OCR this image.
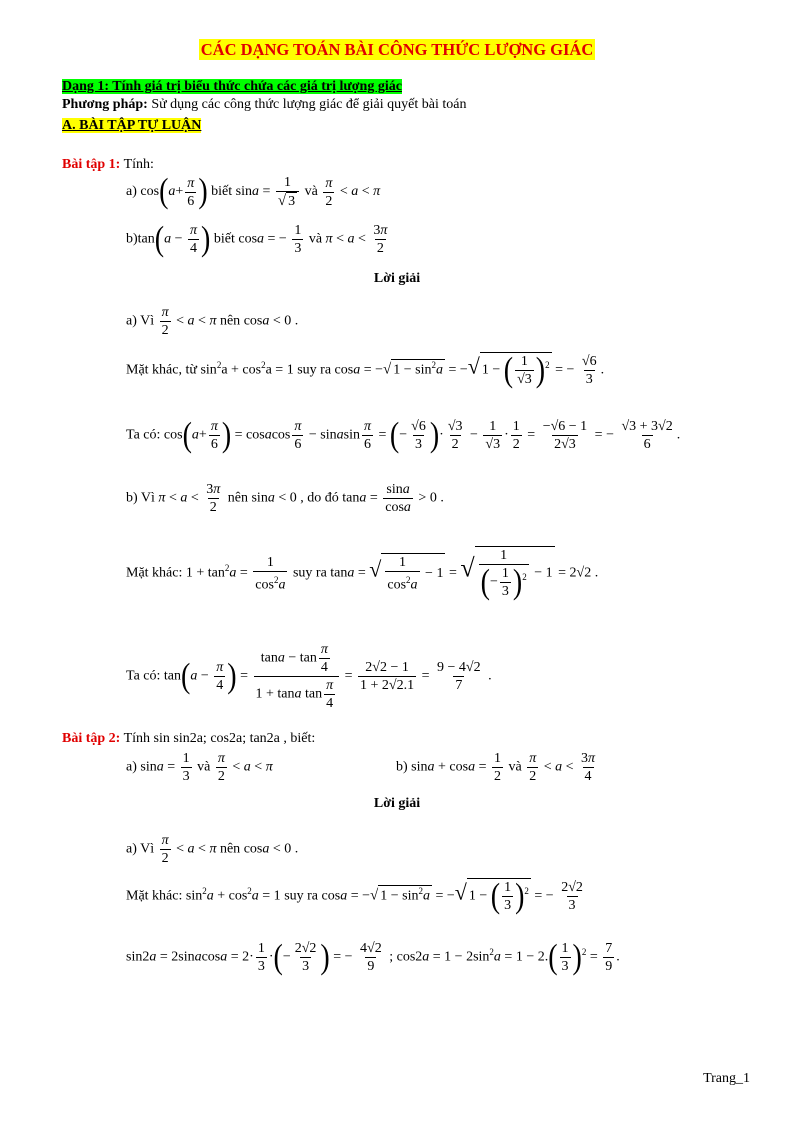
CÁC DẠNG TOÁN BÀI CÔNG THỨC LƯỢNG GIÁC
Dạng 1: Tính giá trị biểu thức chứa các giá trị lượng giác
Phương pháp: Sử dụng các công thức lượng giác để giải quyết bài toán
A. BÀI TẬP TỰ LUẬN
Bài tập 1: Tính:
a) $\cos(a+ \frac{\pi}{6}$ ) biết $\sin a = \frac{1}{√ 3}$ và $\frac{\pi}{2} < a < \pi$
$b)\tan(a - \frac{\pi}{4}$ ) biết cosa = − $\frac{1}{3}$ và $\pi < a < \frac{3\pi}{2}$
Lời giải
a) Vì $\frac{\pi}{2} < a < \pi$ nên cosa < 0 .
Mặt khác, từ $\sin^2a + \cos^2a = 1$ suy ra cosa = −√ $1 - \sin^2a$ = −√ 1 − ( $\frac{1}{√3} )^2$ = − $\frac{√6}{3}$ .
Ta có: $\cos(a+ \frac{\pi}{6}$ ) = cosacos $\frac{\pi}{6}$ − sinasin $\frac{\pi}{6}$ = (− $\frac{√6}{3}$ )· $\frac{√3}{2} - \frac{1}{√3} \cdot \frac{1}{2} = \frac{-√6 - 1}{2√3}$ = − $\frac{√3 + 3√2}{6}$ .
b) Vì $\pi < a < \frac{3\pi}{2}$ nên sina < 0 , do đó $\tan a = \frac{\sin a}{\cos a} > 0$ .
Mặt khác: $1 + \tan^2a = \frac{1}{\cos^2a}$ suy ra tana = √ $\frac{1}{\cos^2a} - 1$ = √ $\frac{1}{(- \frac{1}{3} )^2} - 1 = 2√2$ .
Ta có: $\tan(a - \frac{\pi}{4}$ ) = $\frac{\tan a - \tan \frac{\pi}{4}}{1 + \tan a \tan \frac{\pi}{4}} = \frac{2√2 - 1}{1 + 2√2.1} = \frac{9 - 4√2}{7}$ .
Bài tập 2: Tính sin sin2a; cos2a; tan2a , biết:
a) $\sin a = \frac{1}{3}$ và $\frac{\pi}{2} < a < \pi$	b) $\sin a + \cos a = \frac{1}{2}$ và $\frac{\pi}{2} < a < \frac{3\pi}{4}$
Lời giải
a) Vì $\frac{\pi}{2} < a < \pi$ nên cosa < 0 .
Mặt khác: $\sin^2a + \cos^2a = 1$ suy ra cosa = −√ $1 - \sin^2a$ = −√ 1 − ( $\frac{1}{3} )^2$ = − $\frac{2√2}{3}$
sin2a = 2sinacosa = $2\cdot \frac{1}{3}$ ·(− $\frac{2√2}{3}$ ) = − $\frac{4√2}{9}$ ; $\cos 2a = 1 - 2\sin^2a = 1 - 2.( \frac{1}{3} )^2 = \frac{7}{9}$ .
Trang_1
